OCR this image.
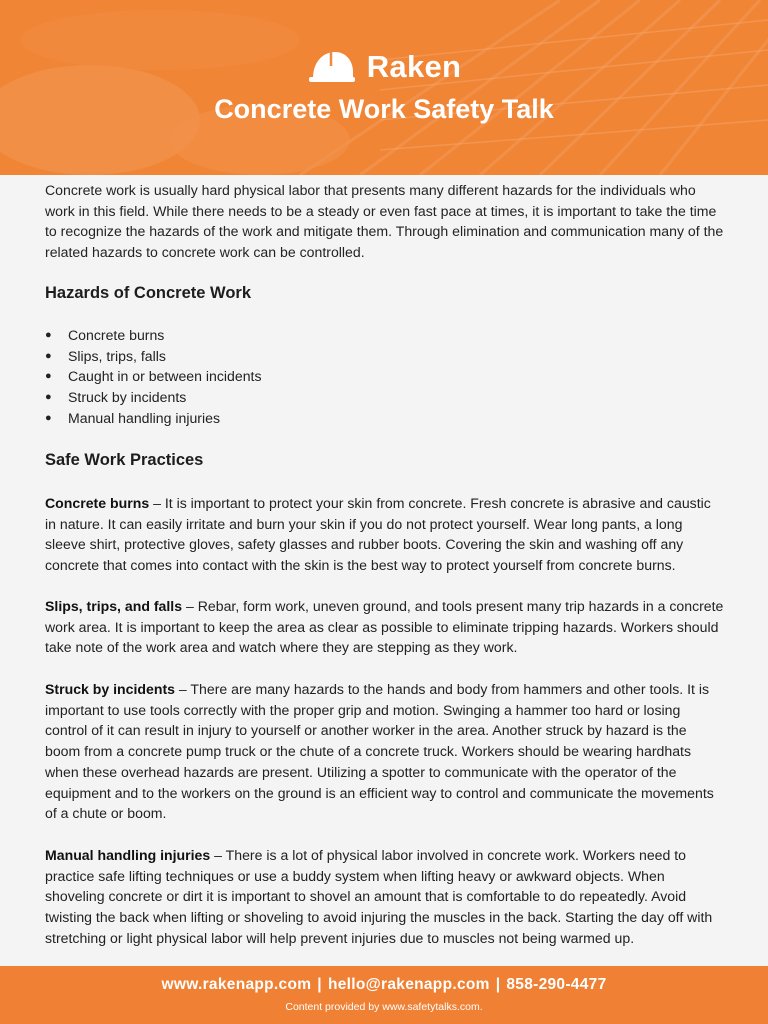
Raken
Concrete Work Safety Talk

Concrete work is usually hard physical labor that presents many different hazards for the individuals who work in this field. While there needs to be a steady or even fast pace at times, it is important to take the time to recognize the hazards of the work and mitigate them. Through elimination and communication many of the related hazards to concrete work can be controlled.

Hazards of Concrete Work
● Concrete burns
● Slips, trips, falls
● Caught in or between incidents
● Struck by incidents
● Manual handling injuries
Safe Work Practices

Concrete burns – It is important to protect your skin from concrete. Fresh concrete is abrasive and caustic in nature. It can easily irritate and burn your skin if you do not protect yourself. Wear long pants, a long sleeve shirt, protective gloves, safety glasses and rubber boots. Covering the skin and washing off any concrete that comes into contact with the skin is the best way to protect yourself from concrete burns.

Slips, trips, and falls – Rebar, form work, uneven ground, and tools present many trip hazards in a concrete work area. It is important to keep the area as clear as possible to eliminate tripping hazards. Workers should take note of the work area and watch where they are stepping as they work.

Struck by incidents – There are many hazards to the hands and body from hammers and other tools. It is important to use tools correctly with the proper grip and motion. Swinging a hammer too hard or losing control of it can result in injury to yourself or another worker in the area. Another struck by hazard is the boom from a concrete pump truck or the chute of a concrete truck. Workers should be wearing hardhats when these overhead hazards are present. Utilizing a spotter to communicate with the operator of the equipment and to the workers on the ground is an efficient way to control and communicate the movements of a chute or boom.

Manual handling injuries – There is a lot of physical labor involved in concrete work. Workers need to practice safe lifting techniques or use a buddy system when lifting heavy or awkward objects. When shoveling concrete or dirt it is important to shovel an amount that is comfortable to do repeatedly. Avoid twisting the back when lifting or shoveling to avoid injuring the muscles in the back. Starting the day off with stretching or light physical labor will help prevent injuries due to muscles not being warmed up.

www.rakenapp.com | hello@rakenapp.com | 858-290-4477
Content provided by www.safetytalks.com.
